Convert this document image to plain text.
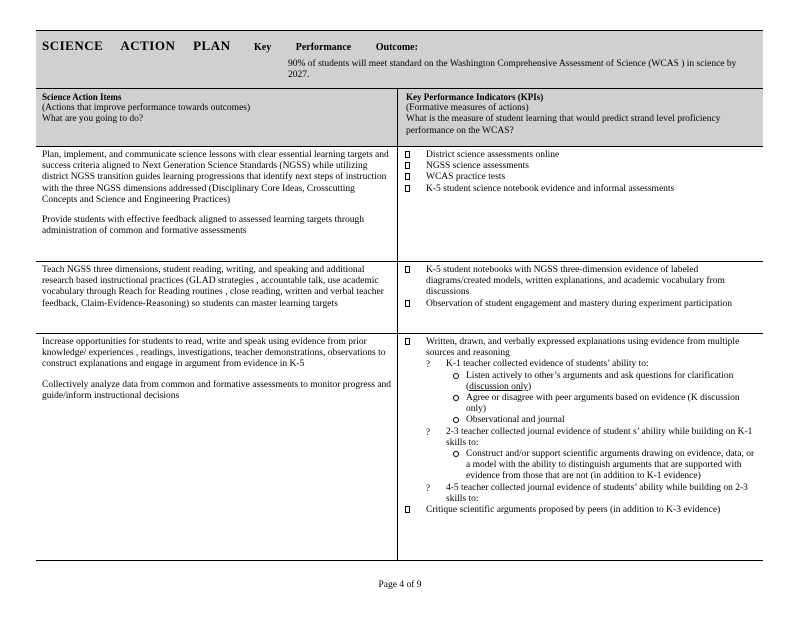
SCIENCE ACTION PLAN	Key Performance Outcome:
90% of students will meet standard on the Washington Comprehensive Assessment of Science (WCAS ) in science by 2027.

Science Action Items

(Actions that improve performance towards outcomes)

What are you going to do?

Key Performance Indicators (KPIs)

(Formative measures of actions)

What is the measure of student learning that would predict strand level proficiency performance on the WCAS?

Plan, implement, and communicate science lessons with clear essential learning targets and success criteria aligned to Next Generation Science Standards (NGSS) while utilizing district NGSS transition guides learning progressions that identify next steps of instruction with the three NGSS dimensions addressed (Disciplinary Core Ideas, Crosscutting Concepts and Science and Engineering Practices)

Provide students with effective feedback aligned to assessed learning targets through administration of common and formative assessments

District science assessments online
NGSS science assessments
WCAS practice tests
K-5 student science notebook evidence and informal assessments

Teach NGSS three dimensions, student reading, writing, and speaking and additional research based instructional practices (GLAD strategies , accountable talk, use academic vocabulary through Reach for Reading routines , close reading, written and verbal teacher feedback, Claim-Evidence-Reasoning) so students can master learning targets

K-5 student notebooks with NGSS three-dimension evidence of labeled diagrams/created models, written explanations, and academic vocabulary from discussions
Observation of student engagement and mastery during experiment participation

Increase opportunities for students to read, write and speak using evidence from prior knowledge/ experiences , readings, investigations, teacher demonstrations, observations to construct explanations and engage in argument from evidence in K-5

Collectively analyze data from common and formative assessments to monitor progress and guide/inform instructional decisions

Written, drawn, and verbally expressed explanations using evidence from multiple sources and reasoning
? K-1 teacher collected evidence of students’ ability to:
Listen actively to other’s arguments and ask questions for clarification (discussion only)
Agree or disagree with peer arguments based on evidence (K discussion only)
Observational and journal
? 2-3 teacher collected journal evidence of student s’ ability while building on K-1 skills to:
Construct and/or support scientific arguments drawing on evidence, data, or a model with the ability to distinguish arguments that are supported with evidence from those that are not (in addition to K-1 evidence)
? 4-5 teacher collected journal evidence of students’ ability while building on 2-3 skills to:
Critique scientific arguments proposed by peers (in addition to K-3 evidence)
Page 4 of 9
